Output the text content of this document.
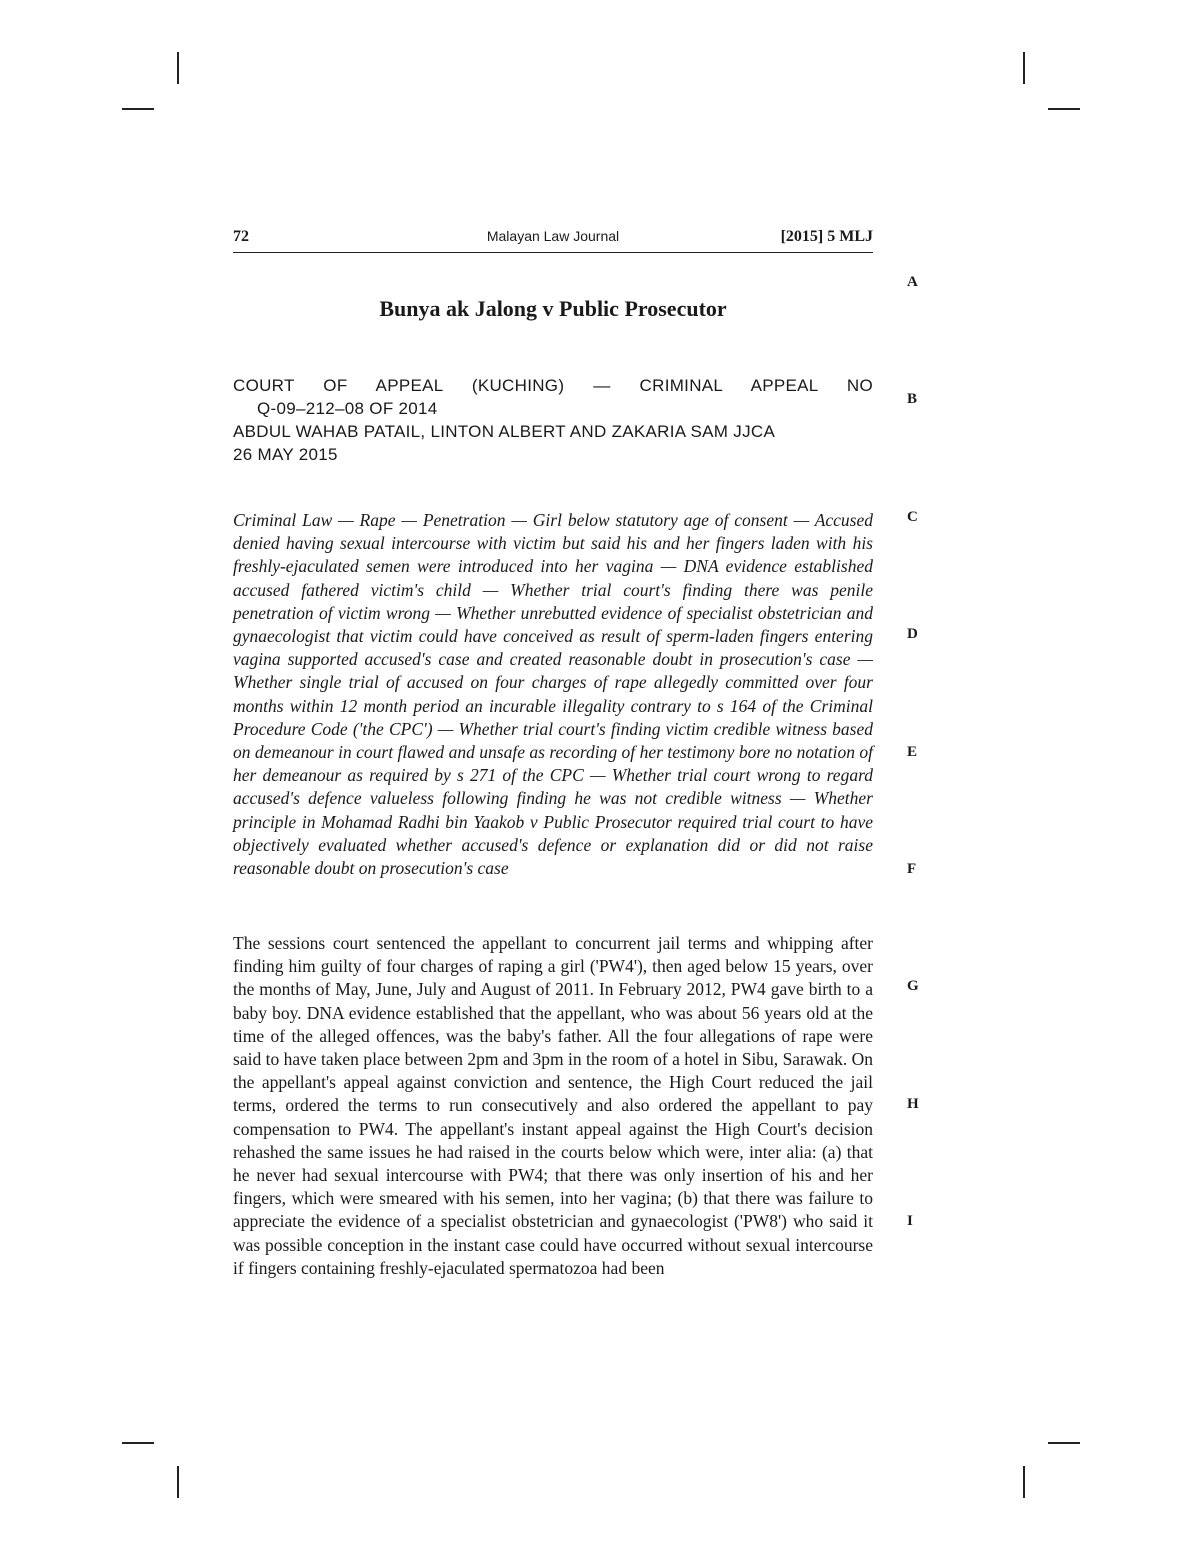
72	Malayan Law Journal	[2015] 5 MLJ
Bunya ak Jalong v Public Prosecutor
COURT OF APPEAL (KUCHING) — CRIMINAL APPEAL NO
Q-09–212–08 OF 2014
ABDUL WAHAB PATAIL, LINTON ALBERT AND ZAKARIA SAM JJCA
26 MAY 2015
Criminal Law — Rape — Penetration — Girl below statutory age of consent — Accused denied having sexual intercourse with victim but said his and her fingers laden with his freshly-ejaculated semen were introduced into her vagina — DNA evidence established accused fathered victim's child — Whether trial court's finding there was penile penetration of victim wrong — Whether unrebutted evidence of specialist obstetrician and gynaecologist that victim could have conceived as result of sperm-laden fingers entering vagina supported accused's case and created reasonable doubt in prosecution's case — Whether single trial of accused on four charges of rape allegedly committed over four months within 12 month period an incurable illegality contrary to s 164 of the Criminal Procedure Code ('the CPC') — Whether trial court's finding victim credible witness based on demeanour in court flawed and unsafe as recording of her testimony bore no notation of her demeanour as required by s 271 of the CPC — Whether trial court wrong to regard accused's defence valueless following finding he was not credible witness — Whether principle in Mohamad Radhi bin Yaakob v Public Prosecutor required trial court to have objectively evaluated whether accused's defence or explanation did or did not raise reasonable doubt on prosecution's case
The sessions court sentenced the appellant to concurrent jail terms and whipping after finding him guilty of four charges of raping a girl ('PW4'), then aged below 15 years, over the months of May, June, July and August of 2011. In February 2012, PW4 gave birth to a baby boy. DNA evidence established that the appellant, who was about 56 years old at the time of the alleged offences, was the baby's father. All the four allegations of rape were said to have taken place between 2pm and 3pm in the room of a hotel in Sibu, Sarawak. On the appellant's appeal against conviction and sentence, the High Court reduced the jail terms, ordered the terms to run consecutively and also ordered the appellant to pay compensation to PW4. The appellant's instant appeal against the High Court's decision rehashed the same issues he had raised in the courts below which were, inter alia: (a) that he never had sexual intercourse with PW4; that there was only insertion of his and her fingers, which were smeared with his semen, into her vagina; (b) that there was failure to appreciate the evidence of a specialist obstetrician and gynaecologist ('PW8') who said it was possible conception in the instant case could have occurred without sexual intercourse if fingers containing freshly-ejaculated spermatozoa had been
A
B
C
D
E
F
G
H
I
